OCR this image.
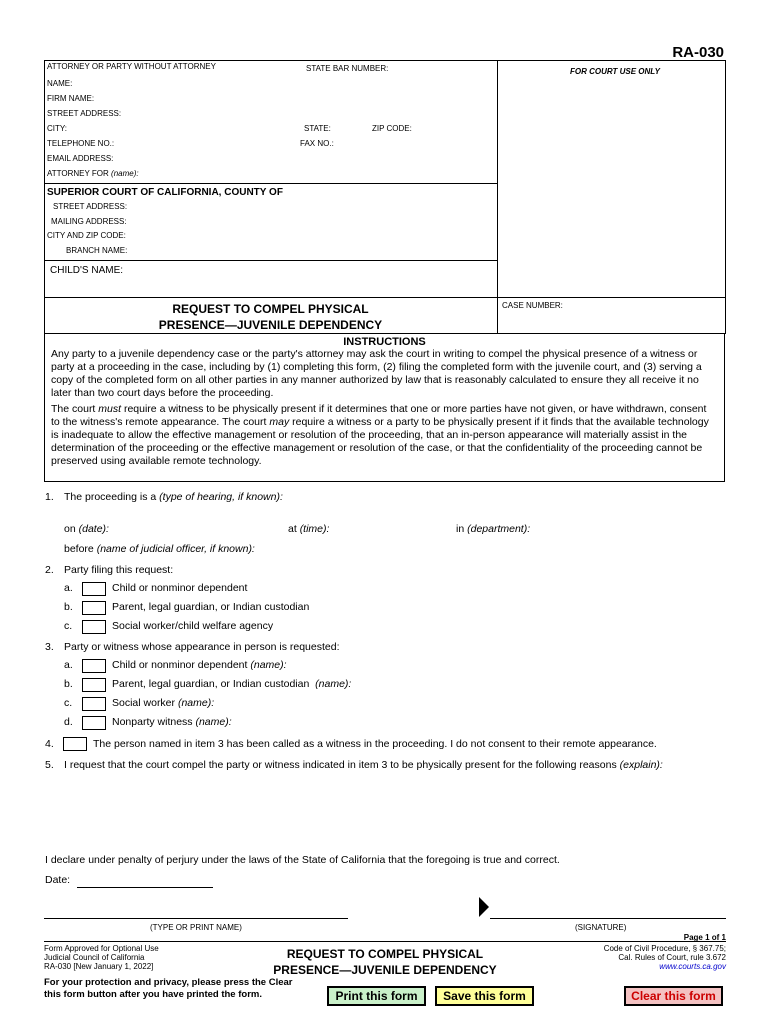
RA-030
ATTORNEY OR PARTY WITHOUT ATTORNEY	STATE BAR NUMBER:
NAME:
FIRM NAME:
STREET ADDRESS:
CITY:	STATE:	ZIP CODE:
TELEPHONE NO.:	FAX NO.:
EMAIL ADDRESS:
ATTORNEY FOR (name):
FOR COURT USE ONLY
SUPERIOR COURT OF CALIFORNIA, COUNTY OF
STREET ADDRESS:
MAILING ADDRESS:
CITY AND ZIP CODE:
BRANCH NAME:
CHILD'S NAME:
REQUEST TO COMPEL PHYSICAL
PRESENCE—JUVENILE DEPENDENCY
CASE NUMBER:
INSTRUCTIONS
Any party to a juvenile dependency case or the party's attorney may ask the court in writing to compel the physical presence of a witness or party at a proceeding in the case, including by (1) completing this form, (2) filing the completed form with the juvenile court, and (3) serving a copy of the completed form on all other parties in any manner authorized by law that is reasonably calculated to ensure they all receive it no later than two court days before the proceeding.
The court must require a witness to be physically present if it determines that one or more parties have not given, or have withdrawn, consent to the witness's remote appearance. The court may require a witness or a party to be physically present if it finds that the available technology is inadequate to allow the effective management or resolution of the proceeding, that an in-person appearance will materially assist in the determination of the proceeding or the effective management or resolution of the case, or that the confidentiality of the proceeding cannot be preserved using available remote technology.
1. The proceeding is a (type of hearing, if known):
on (date):	at (time):	in (department):
before (name of judicial officer, if known):
2. Party filing this request:
a.	Child or nonminor dependent
b.	Parent, legal guardian, or Indian custodian
c.	Social worker/child welfare agency
3. Party or witness whose appearance in person is requested:
a.	Child or nonminor dependent (name):
b.	Parent, legal guardian, or Indian custodian (name):
c.	Social worker (name):
d.	Nonparty witness (name):
4.	The person named in item 3 has been called as a witness in the proceeding. I do not consent to their remote appearance.
5. I request that the court compel the party or witness indicated in item 3 to be physically present for the following reasons (explain):
I declare under penalty of perjury under the laws of the State of California that the foregoing is true and correct.
Date:
(TYPE OR PRINT NAME)	(SIGNATURE)
Page 1 of 1
Form Approved for Optional Use
Judicial Council of California
RA-030 [New January 1, 2022]
REQUEST TO COMPEL PHYSICAL
PRESENCE—JUVENILE DEPENDENCY
Code of Civil Procedure, § 367.75;
Cal. Rules of Court, rule 3.672
www.courts.ca.gov
For your protection and privacy, please press the Clear
this form button after you have printed the form.	Print this form	Save this form	Clear this form
